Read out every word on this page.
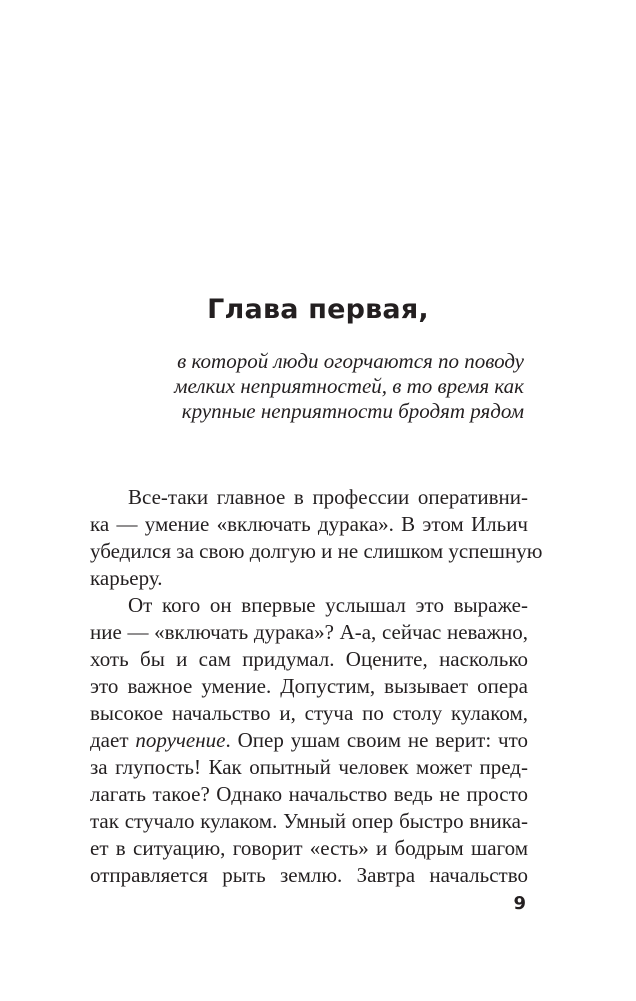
Глава первая,
в которой люди огорчаются по поводу
мелких неприятностей, в то время как
крупные неприятности бродят рядом
Все-таки главное в профессии оперативни-
ка — умение «включать дурака». В этом Ильич
убедился за свою долгую и не слишком успешную
карьеру.
От кого он впервые услышал это выраже-
ние — «включать дурака»? А-а, сейчас неважно,
хоть бы и сам придумал. Оцените, насколько
это важное умение. Допустим, вызывает опера
высокое начальство и, стуча по столу кулаком,
дает поручение. Опер ушам своим не верит: что
за глупость! Как опытный человек может пред-
лагать такое? Однако начальство ведь не просто
так стучало кулаком. Умный опер быстро вника-
ет в ситуацию, говорит «есть» и бодрым шагом
отправляется рыть землю. Завтра начальство
9
